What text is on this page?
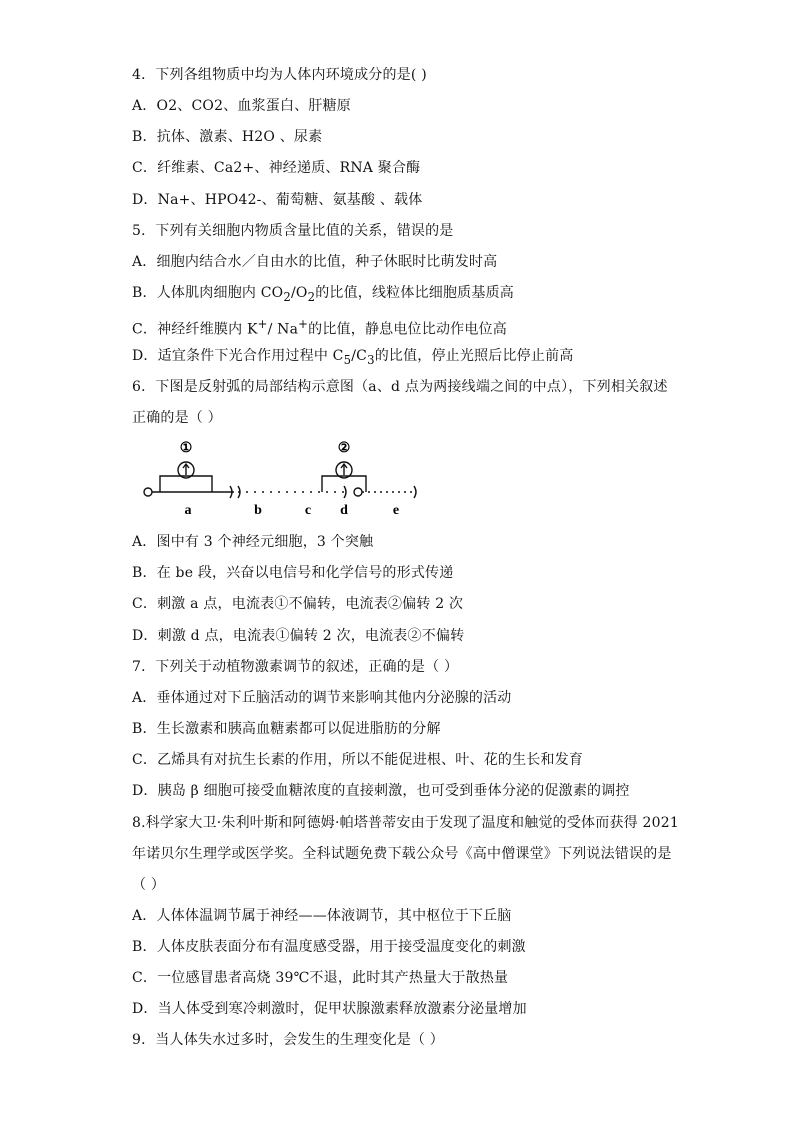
4．下列各组物质中均为人体内环境成分的是( )
A．O2、CO2、血浆蛋白、肝糖原
B．抗体、激素、H2O 、尿素
C．纤维素、Ca2+、神经递质、RNA 聚合酶
D．Na+、HPO42-、葡萄糖、氨基酸 、载体
5．下列有关细胞内物质含量比值的关系，错误的是
A．细胞内结合水／自由水的比值，种子休眠时比萌发时高
B．人体肌肉细胞内 $CO_2/O_2$的比值，线粒体比细胞质基质高
C．神经纤维膜内 K+/ Na+的比值，静息电位比动作电位高
D．适宜条件下光合作用过程中 $C_5/C_3$的比值，停止光照后比停止前高
6．下图是反射弧的局部结构示意图（a、d 点为两接线端之间的中点），下列相关叙述
正确的是（ ）
①	②
a	b	c d	e
A．图中有 3 个神经元细胞，3 个突触
B．在 be 段，兴奋以电信号和化学信号的形式传递
C．刺激 a 点，电流表①不偏转，电流表②偏转 2 次
D．刺激 d 点，电流表①偏转 2 次，电流表②不偏转
7．下列关于动植物激素调节的叙述，正确的是（ ）
A．垂体通过对下丘脑活动的调节来影响其他内分泌腺的活动
B．生长激素和胰高血糖素都可以促进脂肪的分解
C．乙烯具有对抗生长素的作用，所以不能促进根、叶、花的生长和发育
D．胰岛 β 细胞可接受血糖浓度的直接刺激，也可受到垂体分泌的促激素的调控
8.科学家大卫·朱利叶斯和阿德姆·帕塔普蒂安由于发现了温度和触觉的受体而获得 2021
年诺贝尔生理学或医学奖。全科试题免费下载公众号《高中僧课堂》下列说法错误的是
（ ）
A．人体体温调节属于神经——体液调节，其中枢位于下丘脑
B．人体皮肤表面分布有温度感受器，用于接受温度变化的刺激
C．一位感冒患者高烧 39℃不退，此时其产热量大于散热量
D．当人体受到寒冷刺激时，促甲状腺激素释放激素分泌量增加
9．当人体失水过多时，会发生的生理变化是（ ）
